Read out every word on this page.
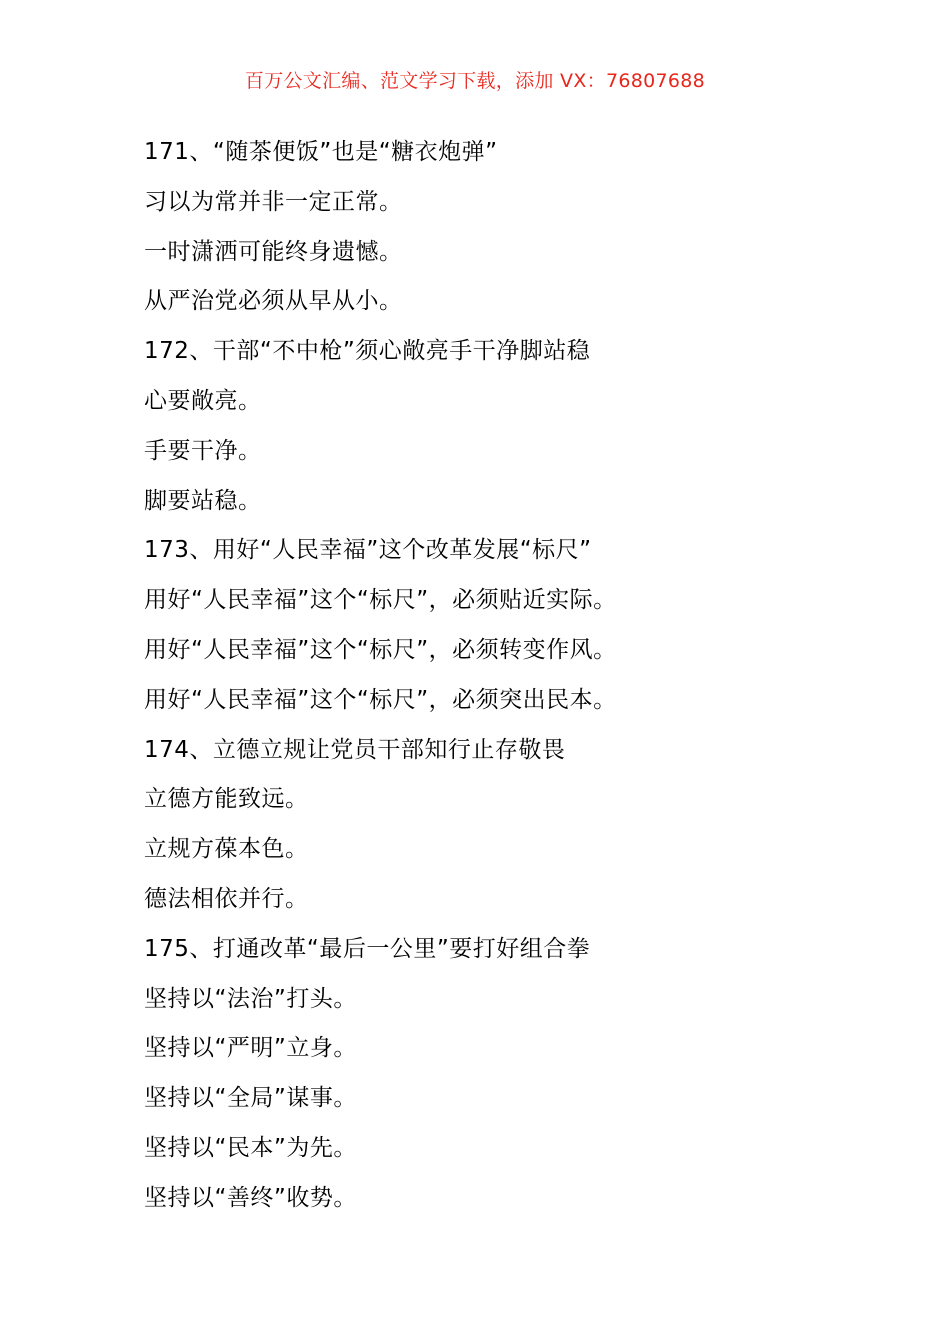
百万公文汇编、范文学习下载，添加 VX：76807688
171、“随茶便饭”也是“糖衣炮弹”
习以为常并非一定正常。
一时潇洒可能终身遗憾。
从严治党必须从早从小。
172、干部“不中枪”须心敞亮手干净脚站稳
心要敞亮。
手要干净。
脚要站稳。
173、用好“人民幸福”这个改革发展“标尺”
用好“人民幸福”这个“标尺”，必须贴近实际。
用好“人民幸福”这个“标尺”，必须转变作风。
用好“人民幸福”这个“标尺”，必须突出民本。
174、立德立规让党员干部知行止存敬畏
立德方能致远。
立规方葆本色。
德法相依并行。
175、打通改革“最后一公里”要打好组合拳
坚持以“法治”打头。
坚持以“严明”立身。
坚持以“全局”谋事。
坚持以“民本”为先。
坚持以“善终”收势。
